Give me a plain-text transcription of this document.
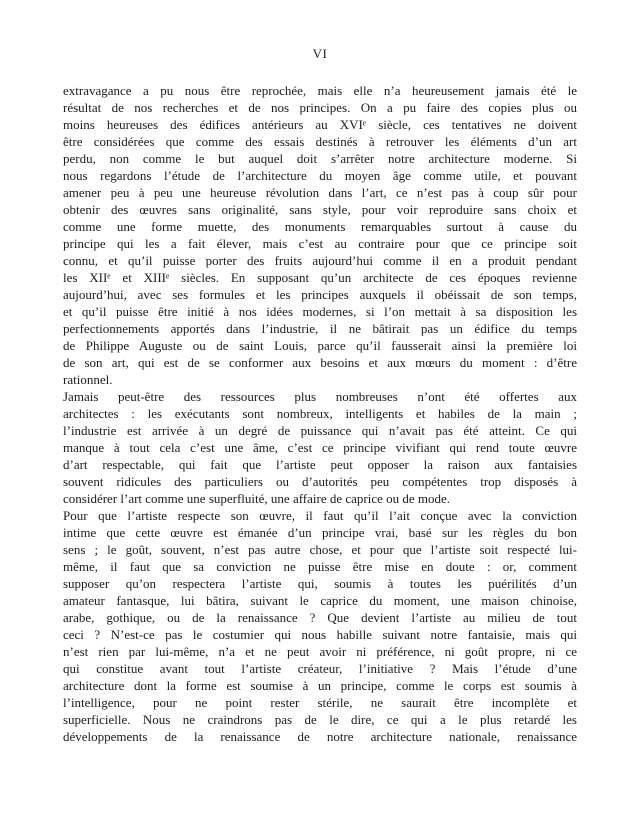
VI
extravagance a pu nous être reprochée, mais elle n’a heureusement jamais été le
résultat de nos recherches et de nos principes. On a pu faire des copies plus ou
moins heureuses des édifices antérieurs au XVIᵉ siècle, ces tentatives ne doivent
être considérées que comme des essais destinés à retrouver les éléments d’un art
perdu, non comme le but auquel doit s’arrêter notre architecture moderne. Si
nous regardons l’étude de l’architecture du moyen âge comme utile, et pouvant
amener peu à peu une heureuse révolution dans l’art, ce n’est pas à coup sûr pour
obtenir des œuvres sans originalité, sans style, pour voir reproduire sans choix et
comme une forme muette, des monuments remarquables surtout à cause du
principe qui les a fait élever, mais c’est au contraire pour que ce principe soit
connu, et qu’il puisse porter des fruits aujourd’hui comme il en a produit pendant
les XIIᵉ et XIIIᵉ siècles. En supposant qu’un architecte de ces époques revienne
aujourd’hui, avec ses formules et les principes auxquels il obéissait de son temps,
et qu’il puisse être initié à nos idées modernes, si l’on mettait à sa disposition les
perfectionnements apportés dans l’industrie, il ne bâtirait pas un édifice du temps
de Philippe Auguste ou de saint Louis, parce qu’il fausserait ainsi la première loi
de son art, qui est de se conformer aux besoins et aux mœurs du moment : d’être
rationnel.
Jamais peut-être des ressources plus nombreuses n’ont été offertes aux
architectes : les exécutants sont nombreux, intelligents et habiles de la main ;
l’industrie est arrivée à un degré de puissance qui n’avait pas été atteint. Ce qui
manque à tout cela c’est une âme, c’est ce principe vivifiant qui rend toute œuvre
d’art respectable, qui fait que l’artiste peut opposer la raison aux fantaisies
souvent ridicules des particuliers ou d’autorités peu compétentes trop disposés à
considérer l’art comme une superfluité, une affaire de caprice ou de mode.
Pour que l’artiste respecte son œuvre, il faut qu’il l’ait conçue avec la conviction
intime que cette œuvre est émanée d’un principe vrai, basé sur les règles du bon
sens ; le goût, souvent, n’est pas autre chose, et pour que l’artiste soit respecté lui-
même, il faut que sa conviction ne puisse être mise en doute : or, comment
supposer qu’on respectera l’artiste qui, soumis à toutes les puérilités d’un
amateur fantasque, lui bâtira, suivant le caprice du moment, une maison chinoise,
arabe, gothique, ou de la renaissance ? Que devient l’artiste au milieu de tout
ceci ? N’est-ce pas le costumier qui nous habille suivant notre fantaisie, mais qui
n’est rien par lui-même, n’a et ne peut avoir ni préférence, ni goût propre, ni ce
qui constitue avant tout l’artiste créateur, l’initiative ? Mais l’étude d’une
architecture dont la forme est soumise à un principe, comme le corps est soumis à
l’intelligence, pour ne point rester stérile, ne saurait être incomplète et
superficielle. Nous ne craindrons pas de le dire, ce qui a le plus retardé les
développements de la renaissance de notre architecture nationale, renaissance
